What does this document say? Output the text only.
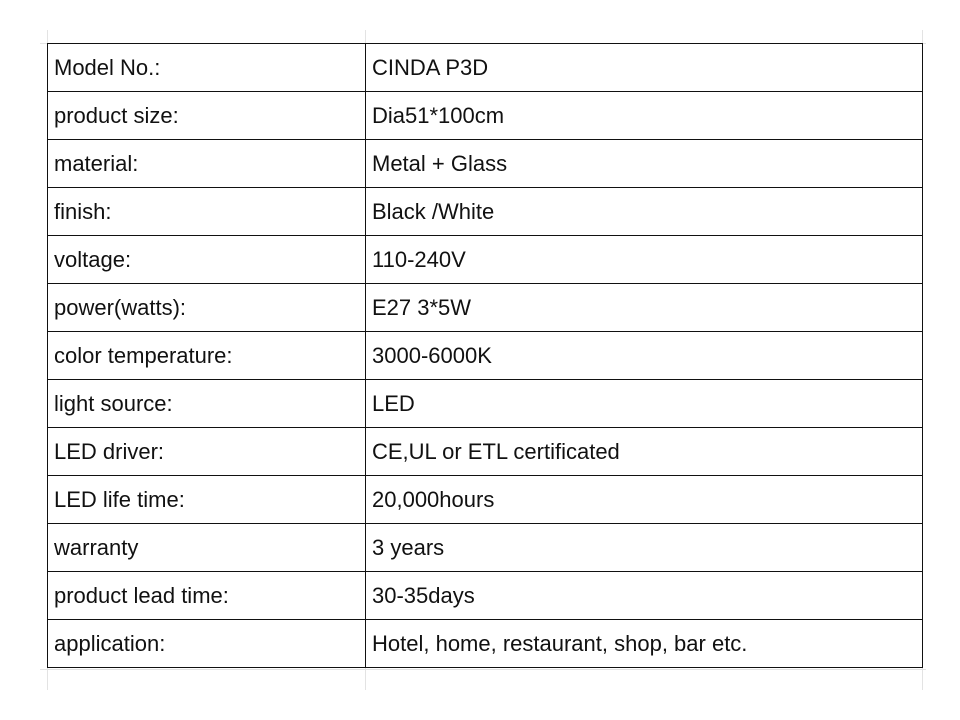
Model No.:	CINDA P3D
product size:	Dia51*100cm
material:	Metal + Glass
finish:	Black /White
voltage:	110-240V
power(watts):	E27 3*5W
color temperature:	3000-6000K
light source:	LED
LED driver:	CE,UL or ETL certificated
LED life time:	20,000hours
warranty	3 years
product lead time:	30-35days
application:	Hotel, home, restaurant, shop, bar etc.
